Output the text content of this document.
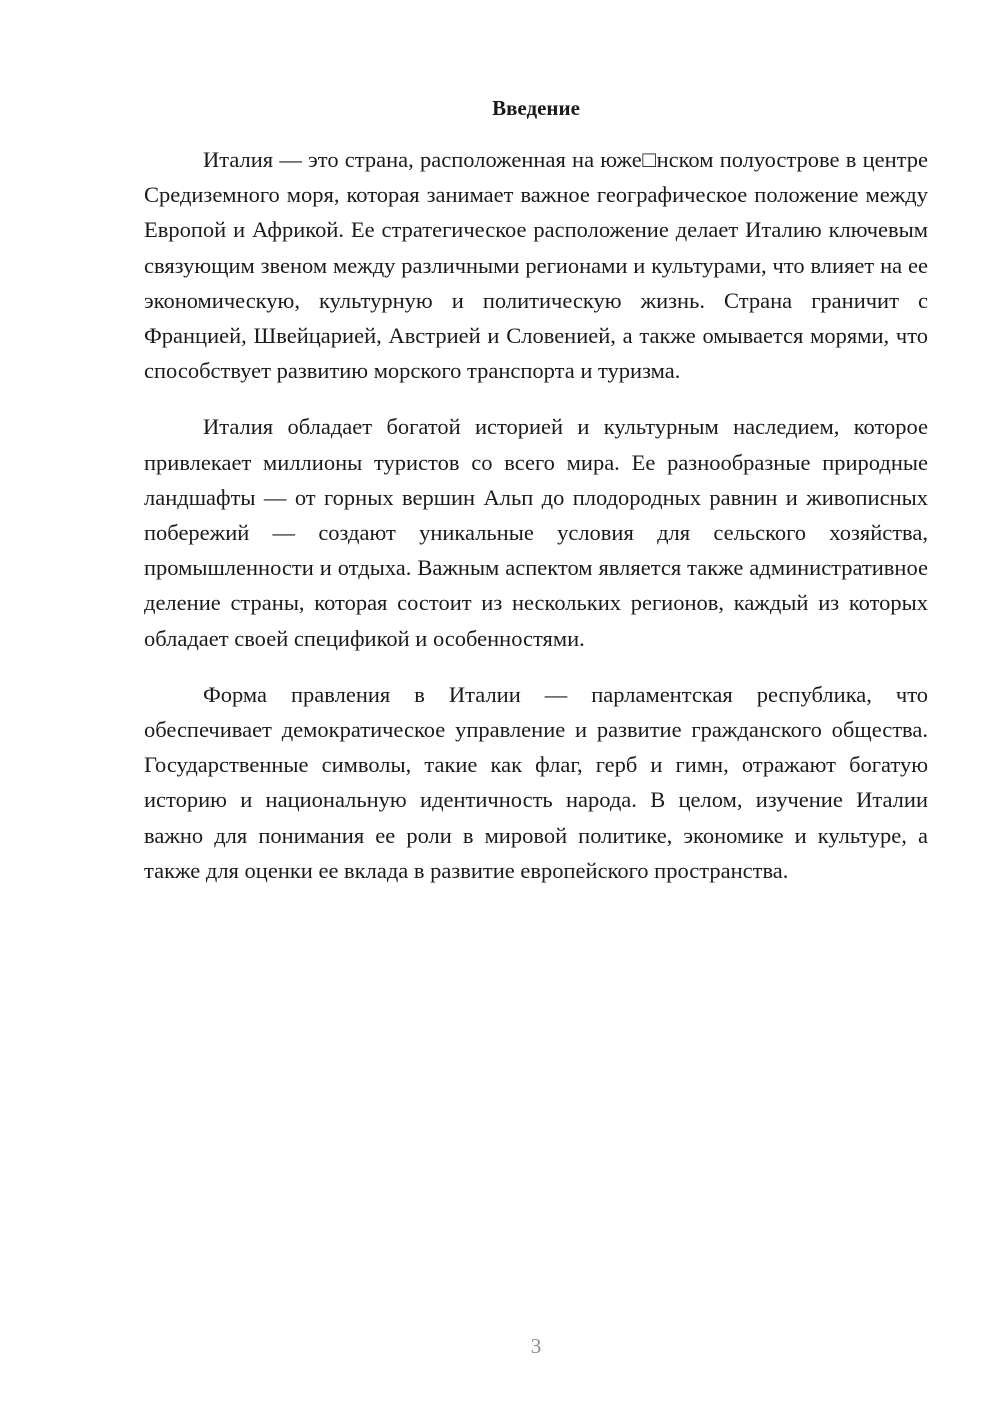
Введение

Италия — это страна, расположенная на юже□нском полуострове в центре Средиземного моря, которая занимает важное географическое положение между Европой и Африкой. Ее стратегическое расположение делает Италию ключевым связующим звеном между различными регионами и культурами, что влияет на ее экономическую, культурную и политическую жизнь. Страна граничит с Францией, Швейцарией, Австрией и Словенией, а также омывается морями, что способствует развитию морского транспорта и туризма.

Италия обладает богатой историей и культурным наследием, которое привлекает миллионы туристов со всего мира. Ее разнообразные природные ландшафты — от горных вершин Альп до плодородных равнин и живописных побережий — создают уникальные условия для сельского хозяйства, промышленности и отдыха. Важным аспектом является также административное деление страны, которая состоит из нескольких регионов, каждый из которых обладает своей спецификой и особенностями.

Форма правления в Италии — парламентская республика, что обеспечивает демократическое управление и развитие гражданского общества. Государственные символы, такие как флаг, герб и гимн, отражают богатую историю и национальную идентичность народа. В целом, изучение Италии важно для понимания ее роли в мировой политике, экономике и культуре, а также для оценки ее вклада в развитие европейского пространства.

3
